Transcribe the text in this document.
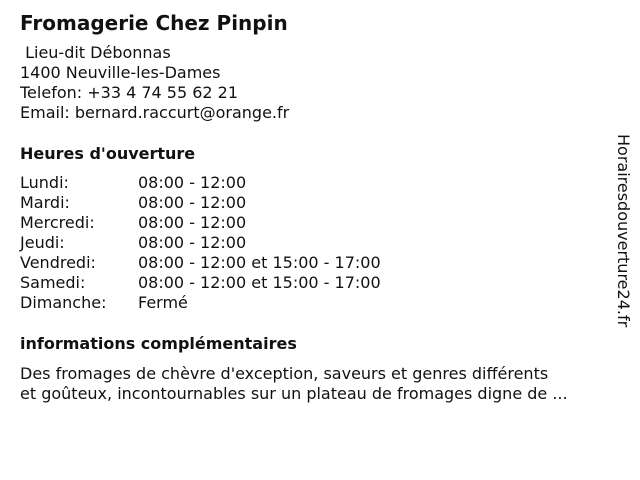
Fromagerie Chez Pinpin
Lieu-dit Débonnas
1400 Neuville-les-Dames
Telefon: +33 4 74 55 62 21
Email: bernard.raccurt@orange.fr
Heures d'ouverture
Lundi:	08:00 - 12:00
Mardi:	08:00 - 12:00
Mercredi:	08:00 - 12:00
Jeudi:	08:00 - 12:00
Vendredi:	08:00 - 12:00 et 15:00 - 17:00
Samedi:	08:00 - 12:00 et 15:00 - 17:00
Dimanche: Fermé
informations complémentaires
Des fromages de chèvre d'exception, saveurs et genres différents
et goûteux, incontournables sur un plateau de fromages digne de ...
Horairesdouverture24.fr
